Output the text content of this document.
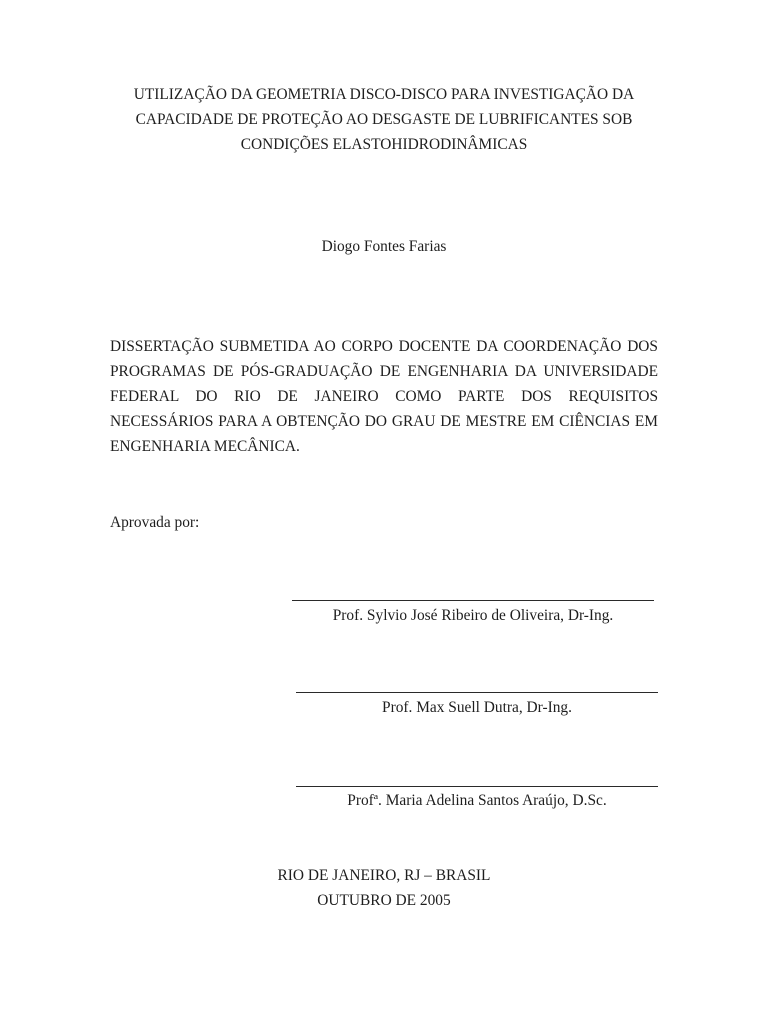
UTILIZAÇÃO DA GEOMETRIA DISCO-DISCO PARA INVESTIGAÇÃO DA
CAPACIDADE DE PROTEÇÃO AO DESGASTE DE LUBRIFICANTES SOB
CONDIÇÕES ELASTOHIDRODINÂMICAS
Diogo Fontes Farias
DISSERTAÇÃO SUBMETIDA AO CORPO DOCENTE DA COORDENAÇÃO DOS
PROGRAMAS DE PÓS-GRADUAÇÃO DE ENGENHARIA DA UNIVERSIDADE
FEDERAL DO RIO DE JANEIRO COMO PARTE DOS REQUISITOS
NECESSÁRIOS PARA A OBTENÇÃO DO GRAU DE MESTRE EM CIÊNCIAS EM
ENGENHARIA MECÂNICA.
Aprovada por:
Prof. Sylvio José Ribeiro de Oliveira, Dr-Ing.
Prof. Max Suell Dutra, Dr-Ing.
Profª. Maria Adelina Santos Araújo, D.Sc.
RIO DE JANEIRO, RJ – BRASIL
OUTUBRO DE 2005
